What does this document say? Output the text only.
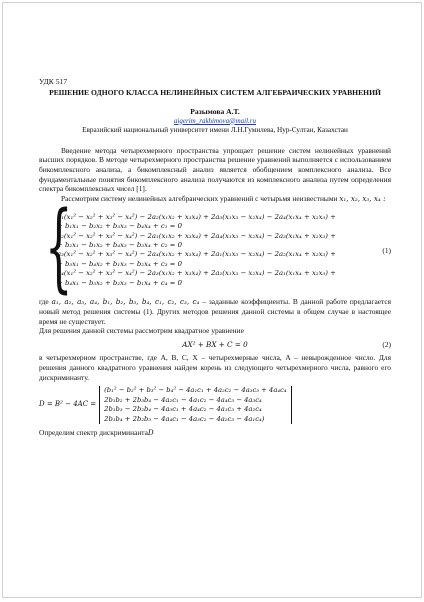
УДК 517
РЕШЕНИЕ ОДНОГО КЛАССА НЕЛИНЕЙНЫХ СИСТЕМ АЛГЕБРАИЧЕСКИХ УРАВНЕНИЙ
Разымова А.Т.
aigerim_rakhimova@mail.ru
Евразийский национальный университет имени Л.Н.Гумилева, Нур-Султан, Казахстан

Введение метода четырехмерного пространства упрощает решение систем нелинейных уравнений высших порядков. В методе четырехмерного пространства решение уравнений выполняется с использованием бикомплексного анализа, а бикомплексный анализ является обобщением комплексного анализа. Все фундаментальные понятия бикомплексного анализа получаются из комплексного анализа путем определения спектра бикомплексных чисел [1].

Рассмотрим систему нелинейных алгебраических уравнений с четырьмя неизвестными x₁, x₂, x₃, x₄ :

{
a₁(x₁² − x₂² + x₃² − x₄²) − 2a₂(x₁x₂ + x₃x₄) + 2a₃(x₁x₃ − x₂x₄) − 2a₄(x₁x₄ + x₂x₃) +
+ b₁x₁ − b₂x₂ + b₃x₃ − b₄x₄ + c₁ = 0
a₂(x₁² − x₂² + x₃² − x₄²) − 2a₁(x₁x₂ + x₃x₄) + 2a₄(x₁x₃ − x₂x₄) − 2a₃(x₁x₄ + x₂x₃) +
+ b₂x₁ − b₁x₂ + b₄x₃ − b₃x₄ + c₂ = 0
a₃(x₁² − x₂² + x₃² − x₄²) − 2a₄(x₁x₂ + x₃x₄) + 2a₁(x₁x₃ − x₂x₄) − 2a₂(x₁x₄ + x₂x₃) +
+ b₃x₁ − b₄x₂ + b₁x₃ − b₂x₄ + c₃ = 0
a₄(x₁² − x₂² + x₃² − x₄²) − 2a₃(x₁x₂ + x₃x₄) + 2a₂(x₁x₃ − x₂x₄) − 2a₁(x₁x₄ + x₂x₃) +
+ b₄x₁ − b₃x₂ + b₂x₃ − b₁x₄ + c₄ = 0
(1)

где a₁, a₂, a₃, a₄, b₁, b₂, b₃, b₄, c₁, c₂, c₃, c₄ – заданные коэффициенты. В данной работе предлагается новый метод решения системы (1). Других методов решения данной системы в общем случае в настоящее время не существует.

Для решения данной системы рассмотрим квадратное уравнение

AX² + BX + C = 0	(2)

в четырехмерном пространстве, где A, B, C, X – четырехмерные числа, A – невырожденное число. Для решения данного квадратного уравнения найдем корень из следующего четырехмерного числа, равного его дискриминанту.

D = B² − 4AC =
(b₁² − b₂² + b₃² − b₄² − 4a₁c₁ + 4a₂c₂ − 4a₃c₃ + 4a₄c₄
2b₁b₂ + 2b₃b₄ − 4a₂c₁ − 4a₁c₂ − 4a₄c₃ − 4a₃c₄
2b₁b₃ − 2b₂b₄ − 4a₃c₁ + 4a₄c₂ − 4a₁c₃ + 4a₂c₄
2b₁b₄ + 2b₂b₃ − 4a₄c₁ − 4a₃c₂ − 4a₂c₃ − 4a₁c₄)

Определим спектр дискриминантаD
